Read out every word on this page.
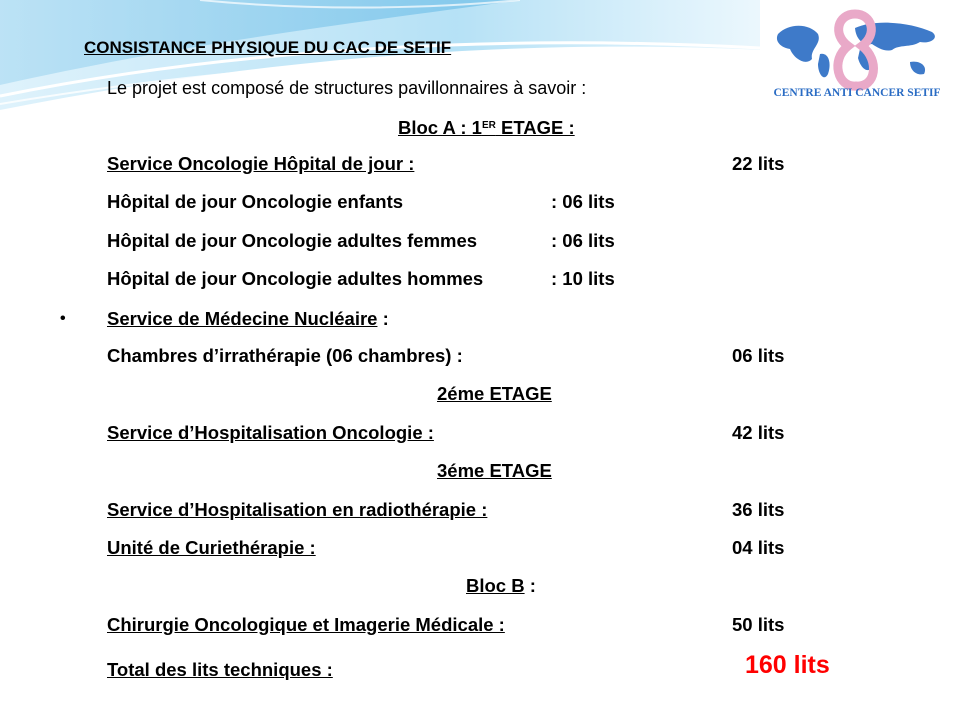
CENTRE ANTI CANCER SETIF
CONSISTANCE PHYSIQUE DU CAC DE SETIF
Le projet est composé de structures pavillonnaires à savoir :
Bloc A : 1ER ETAGE :
Service Oncologie Hôpital de jour :	22 lits
Hôpital de jour Oncologie enfants	: 06 lits
Hôpital de jour Oncologie adultes femmes	: 06 lits
Hôpital de jour Oncologie adultes hommes	: 10 lits
• Service de Médecine Nucléaire :
Chambres d’irrathérapie (06 chambres) :	06 lits
2éme ETAGE
Service d’Hospitalisation Oncologie :	42 lits
3éme ETAGE
Service d’Hospitalisation en radiothérapie :	36 lits
Unité de Curiethérapie :	04 lits
Bloc B :
Chirurgie Oncologique et Imagerie Médicale :	50 lits
Total des lits techniques :	160 lits
